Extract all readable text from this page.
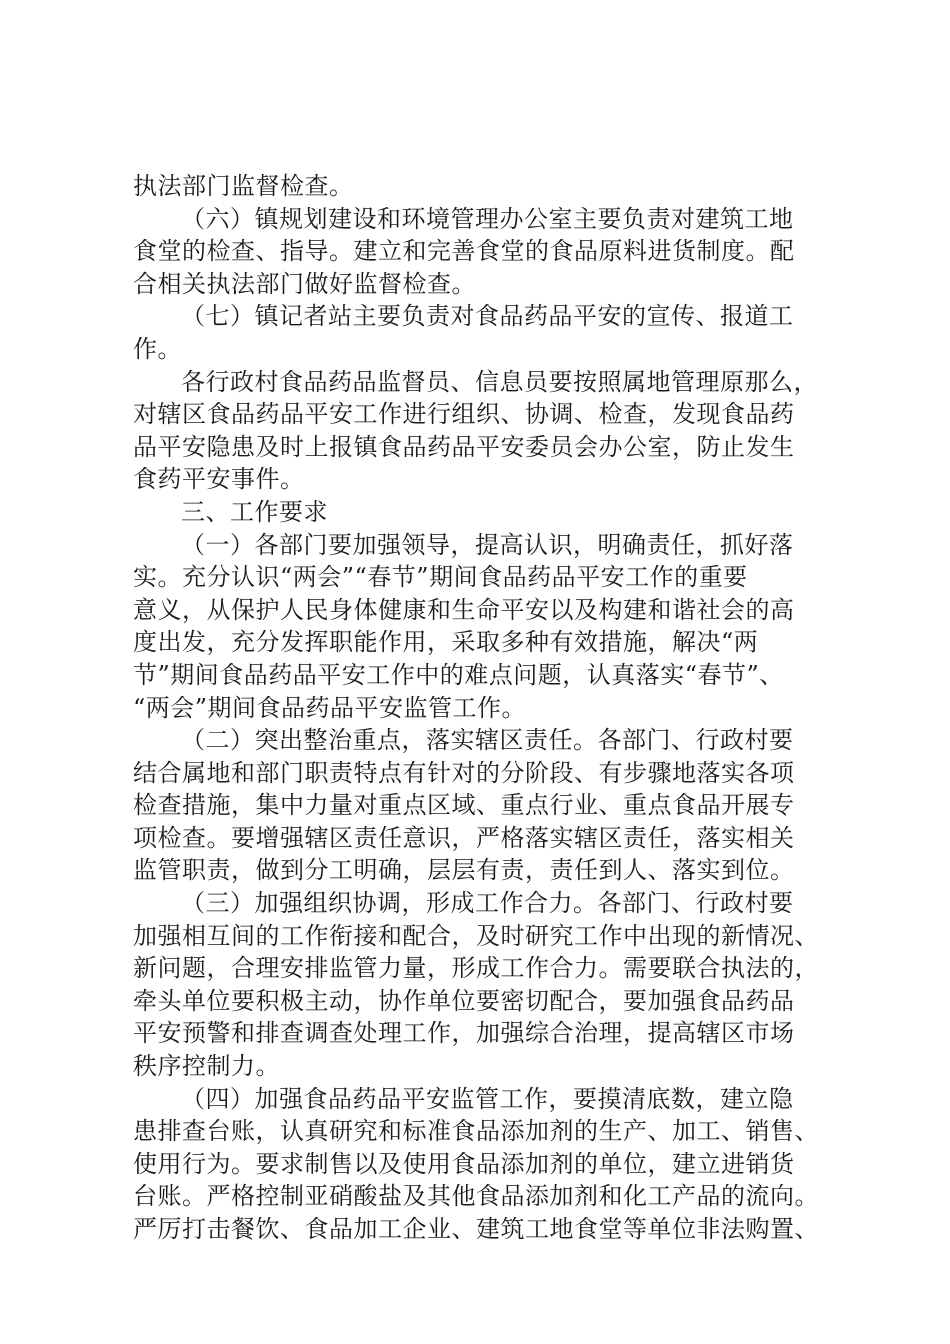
执法部门监督检查。
（六）镇规划建设和环境管理办公室主要负责对建筑工地
食堂的检查、指导。建立和完善食堂的食品原料进货制度。配
合相关执法部门做好监督检查。
（七）镇记者站主要负责对食品药品平安的宣传、报道工
作。
各行政村食品药品监督员、信息员要按照属地管理原那么，
对辖区食品药品平安工作进行组织、协调、检查，发现食品药
品平安隐患及时上报镇食品药品平安委员会办公室，防止发生
食药平安事件。
三、工作要求
（一）各部门要加强领导，提高认识，明确责任，抓好落
实。充分认识“两会”“春节”期间食品药品平安工作的重要
意义，从保护人民身体健康和生命平安以及构建和谐社会的高
度出发，充分发挥职能作用，采取多种有效措施，解决“两
节”期间食品药品平安工作中的难点问题，认真落实“春节”、
“两会”期间食品药品平安监管工作。
（二）突出整治重点，落实辖区责任。各部门、行政村要
结合属地和部门职责特点有针对的分阶段、有步骤地落实各项
检查措施，集中力量对重点区域、重点行业、重点食品开展专
项检查。要增强辖区责任意识，严格落实辖区责任，落实相关
监管职责，做到分工明确，层层有责，责任到人、落实到位。
（三）加强组织协调，形成工作合力。各部门、行政村要
加强相互间的工作衔接和配合，及时研究工作中出现的新情况、
新问题，合理安排监管力量，形成工作合力。需要联合执法的，
牵头单位要积极主动，协作单位要密切配合，要加强食品药品
平安预警和排查调查处理工作，加强综合治理，提高辖区市场
秩序控制力。
（四）加强食品药品平安监管工作，要摸清底数，建立隐
患排查台账，认真研究和标准食品添加剂的生产、加工、销售、
使用行为。要求制售以及使用食品添加剂的单位，建立进销货
台账。严格控制亚硝酸盐及其他食品添加剂和化工产品的流向。
严厉打击餐饮、食品加工企业、建筑工地食堂等单位非法购置、
